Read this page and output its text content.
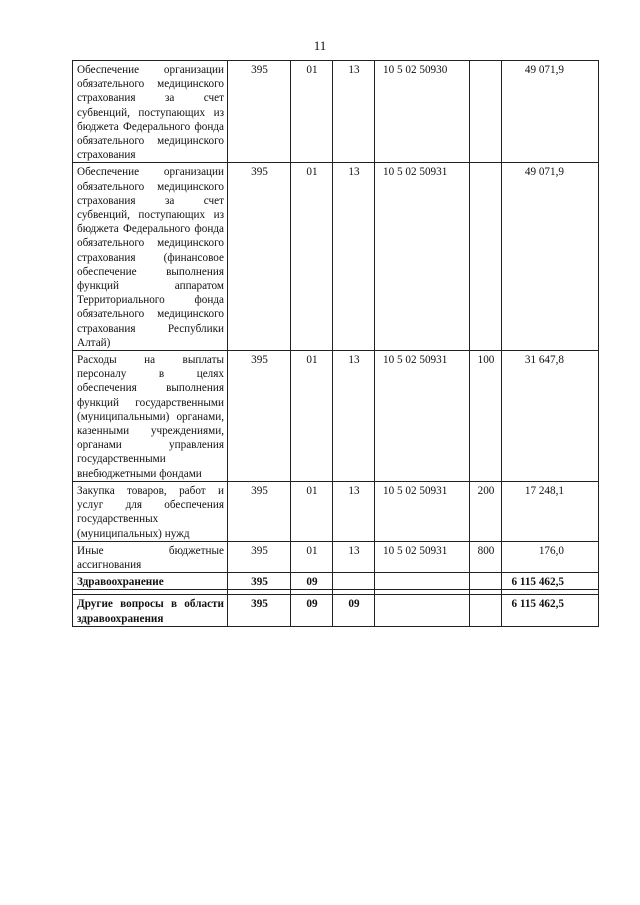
11
Обеспечение организации обязательного медицинского страхования за счет субвенций, поступающих из бюджета Федерального фонда обязательного медицинского страхования	395	01	13	10 5 02 50930		49 071,9
Обеспечение организации обязательного медицинского страхования за счет субвенций, поступающих из бюджета Федерального фонда обязательного медицинского страхования (финансовое обеспечение выполнения функций аппаратом Территориального фонда обязательного медицинского страхования Республики Алтай)	395	01	13	10 5 02 50931		49 071,9
Расходы на выплаты персоналу в целях обеспечения выполнения функций государственными (муниципальными) органами, казенными учреждениями, органами управления государственными внебюджетными фондами	395	01	13	10 5 02 50931	100	31 647,8
Закупка товаров, работ и услуг для обеспечения государственных (муниципальных) нужд	395	01	13	10 5 02 50931	200	17 248,1
Иные бюджетные ассигнования	395	01	13	10 5 02 50931	800	176,0
Здравоохранение	395	09				6 115 462,5

Другие вопросы в области здравоохранения	395	09	09			6 115 462,5
